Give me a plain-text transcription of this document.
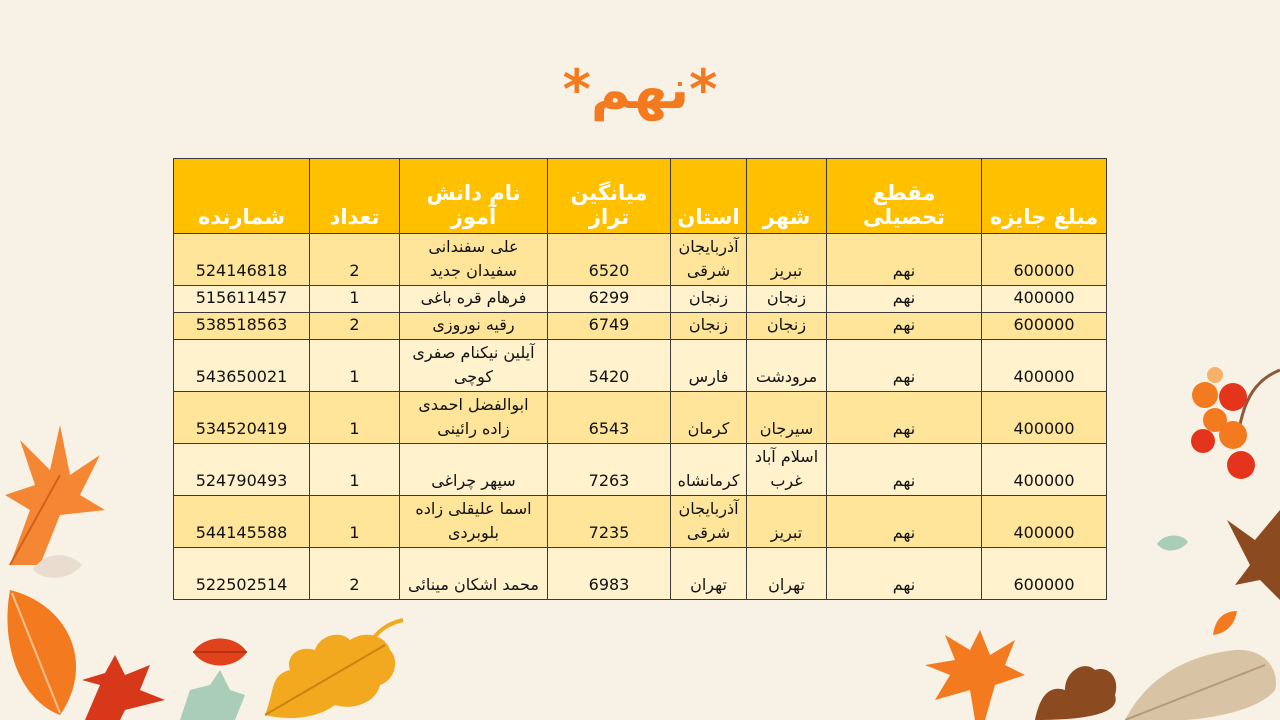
*نهم*
شمارنده	تعداد	نام دانش آموز	میانگین تراز	استان	شهر	مقطع تحصیلی	مبلغ جایزه
524146818	2	علی سفندانی سفیدان جدید	6520	آذربایجان شرقی	تبریز	نهم	600000
515611457	1	فرهام قره باغی	6299	زنجان	زنجان	نهم	400000
538518563	2	رقیه نوروزی	6749	زنجان	زنجان	نهم	600000
543650021	1	آیلین نیکنام صفری کوچی	5420	فارس	مرودشت	نهم	400000
534520419	1	ابوالفضل احمدی زاده رائینی	6543	کرمان	سیرجان	نهم	400000
524790493	1	سپهر چراغی	7263	کرمانشاه	اسلام آباد غرب	نهم	400000
544145588	1	اسما علیقلی زاده بلوبردی	7235	آذربایجان شرقی	تبریز	نهم	400000
522502514	2	محمد اشکان مینائی	6983	تهران	تهران	نهم	600000
